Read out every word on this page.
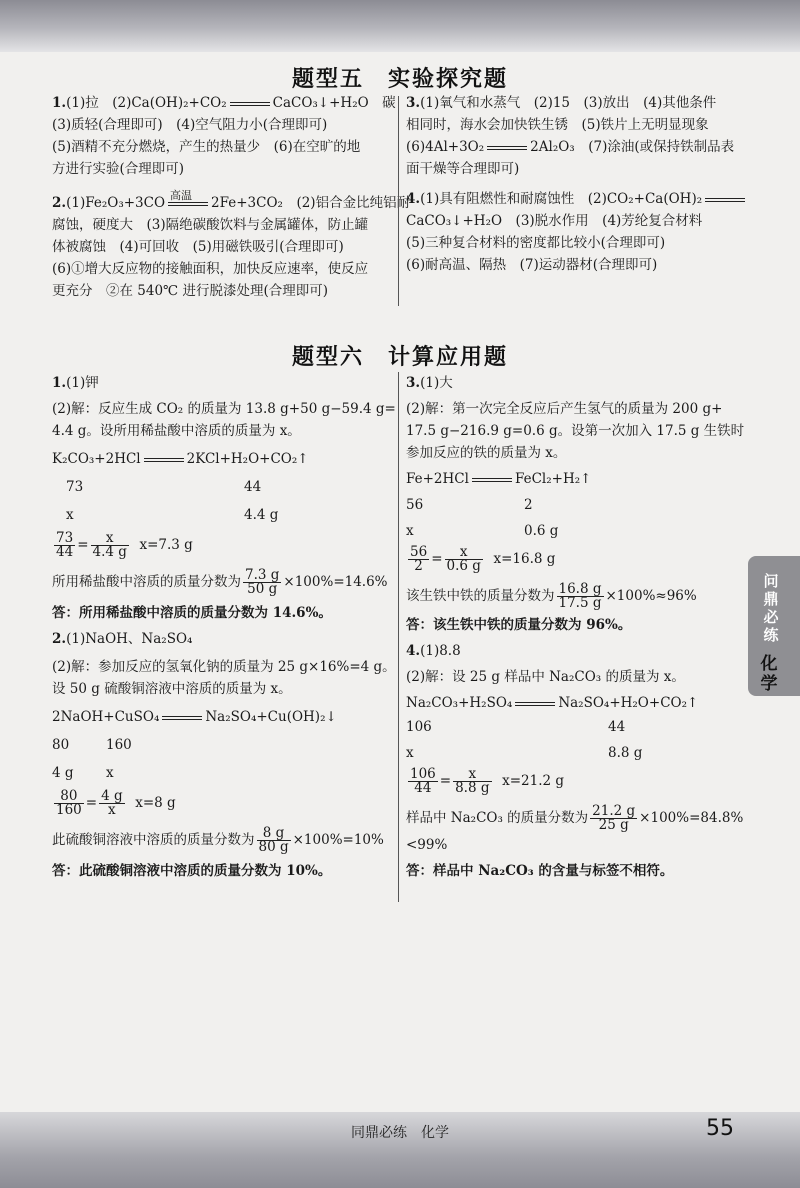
题型五　实验探究题

1.(1)拉　(2)Ca(OH)₂+CO₂	CaCO₃↓+H₂O　碳

(3)质轻(合理即可)　(4)空气阻力小(合理即可)

(5)酒精不充分燃烧，产生的热量少　(6)在空旷的地

方进行实验(合理即可)

2.(1)Fe₂O₃+3CO 高温 2Fe+3CO₂　(2)铝合金比纯铝耐

腐蚀，硬度大　(3)隔绝碳酸饮料与金属罐体，防止罐

体被腐蚀　(4)可回收　(5)用磁铁吸引(合理即可)

(6)①增大反应物的接触面积，加快反应速率，使反应

更充分　②在 540℃ 进行脱漆处理(合理即可)

3.(1)氧气和水蒸气　(2)15　(3)放出　(4)其他条件

相同时，海水会加快铁生锈　(5)铁片上无明显现象

(6)4Al+3O₂	2Al₂O₃　(7)涂油(或保持铁制品表

面干燥等合理即可)

4.(1)具有阻燃性和耐腐蚀性　(2)CO₂+Ca(OH)₂

CaCO₃↓+H₂O　(3)脱水作用　(4)芳纶复合材料

(5)三种复合材料的密度都比较小(合理即可)

(6)耐高温、隔热　(7)运动器材(合理即可)

题型六　计算应用题

1.(1)钾

(2)解：反应生成 CO₂ 的质量为 13.8 g+50 g−59.4 g=

4.4 g。设所用稀盐酸中溶质的质量为 x。

K₂CO₃+2HCl	2KCl+H₂O+CO₂↑

73	44

x	4.4 g

$\frac{73}{44} = \frac{x}{4.4 g} x=7.3$ g

所用稀盐酸中溶质的质量分数为 $\frac{7.3 g}{50 g} \times 100\%=14.6\%$

答：所用稀盐酸中溶质的质量分数为 14.6%。

2.(1)NaOH、Na₂SO₄

(2)解：参加反应的氢氧化钠的质量为 25 g×16%=4 g。

设 50 g 硫酸铜溶液中溶质的质量为 x。

2NaOH+CuSO₄	Na₂SO₄+Cu(OH)₂↓

80	160

4 g x

$\frac{80}{160} = \frac{4 g}{x} x=8$ g

此硫酸铜溶液中溶质的质量分数为 $\frac{8 g}{80 g} \times 100\%=10\%$

答：此硫酸铜溶液中溶质的质量分数为 10%。

3.(1)大

(2)解：第一次完全反应后产生氢气的质量为 200 g+

17.5 g−216.9 g=0.6 g。设第一次加入 17.5 g 生铁时

参加反应的铁的质量为 x。

Fe+2HCl	FeCl₂+H₂↑

56	2

x	0.6 g

$\frac{56}{2} = \frac{x}{0.6 g} x=16.8$ g

该生铁中铁的质量分数为 $\frac{16.8 g}{17.5 g} \times 100\%\approx 96\%$

答：该生铁中铁的质量分数为 96%。

4.(1)8.8

(2)解：设 25 g 样品中 Na₂CO₃ 的质量为 x。

Na₂CO₃+H₂SO₄	Na₂SO₄+H₂O+CO₂↑

106	44

x	8.8 g

$\frac{106}{44} = \frac{x}{8.8 g} x=21.2$ g

样品中 Na₂CO₃ 的质量分数为 $\frac{21.2 g}{25 g} \times 100\%=84.8\%$

<99%

答：样品中 Na₂CO₃ 的含量与标签不相符。

问鼎必练
化学
同鼎必练　化学	55
